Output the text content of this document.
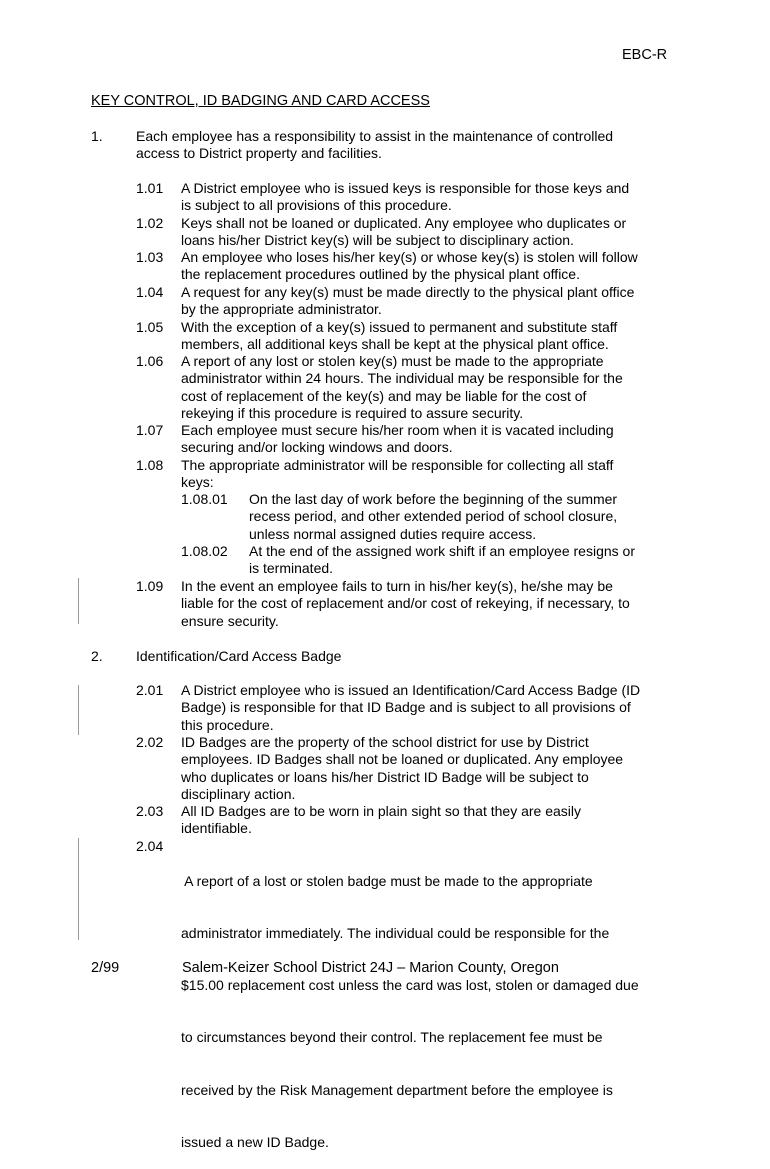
EBC-R
KEY CONTROL, ID BADGING AND CARD ACCESS
1. Each employee has a responsibility to assist in the maintenance of controlled
access to District property and facilities.
1.01 A District employee who is issued keys is responsible for those keys and
is subject to all provisions of this procedure.
1.02 Keys shall not be loaned or duplicated. Any employee who duplicates or
loans his/her District key(s) will be subject to disciplinary action.
1.03 An employee who loses his/her key(s) or whose key(s) is stolen will follow
the replacement procedures outlined by the physical plant office.
1.04 A request for any key(s) must be made directly to the physical plant office
by the appropriate administrator.
1.05 With the exception of a key(s) issued to permanent and substitute staff
members, all additional keys shall be kept at the physical plant office.
1.06 A report of any lost or stolen key(s) must be made to the appropriate
administrator within 24 hours. The individual may be responsible for the
cost of replacement of the key(s) and may be liable for the cost of
rekeying if this procedure is required to assure security.
1.07 Each employee must secure his/her room when it is vacated including
securing and/or locking windows and doors.
1.08 The appropriate administrator will be responsible for collecting all staff
keys:
1.08.01 On the last day of work before the beginning of the summer
recess period, and other extended period of school closure,
unless normal assigned duties require access.
1.08.02 At the end of the assigned work shift if an employee resigns or
is terminated.
1.09 In the event an employee fails to turn in his/her key(s), he/she may be
liable for the cost of replacement and/or cost of rekeying, if necessary, to
ensure security.
2. Identification/Card Access Badge
2.01 A District employee who is issued an Identification/Card Access Badge (ID
Badge) is responsible for that ID Badge and is subject to all provisions of
this procedure.
2.02 ID Badges are the property of the school district for use by District
employees. ID Badges shall not be loaned or duplicated. Any employee
who duplicates or loans his/her District ID Badge will be subject to
disciplinary action.
2.03 All ID Badges are to be worn in plain sight so that they are easily
identifiable.
2.04

A report of a lost or stolen badge must be made to the appropriate

administrator immediately. The individual could be responsible for the

$15.00 replacement cost unless the card was lost, stolen or damaged due

to circumstances beyond their control. The replacement fee must be

received by the Risk Management department before the employee is

issued a new ID Badge.

2/99	Salem-Keizer School District 24J – Marion County, Oregon
